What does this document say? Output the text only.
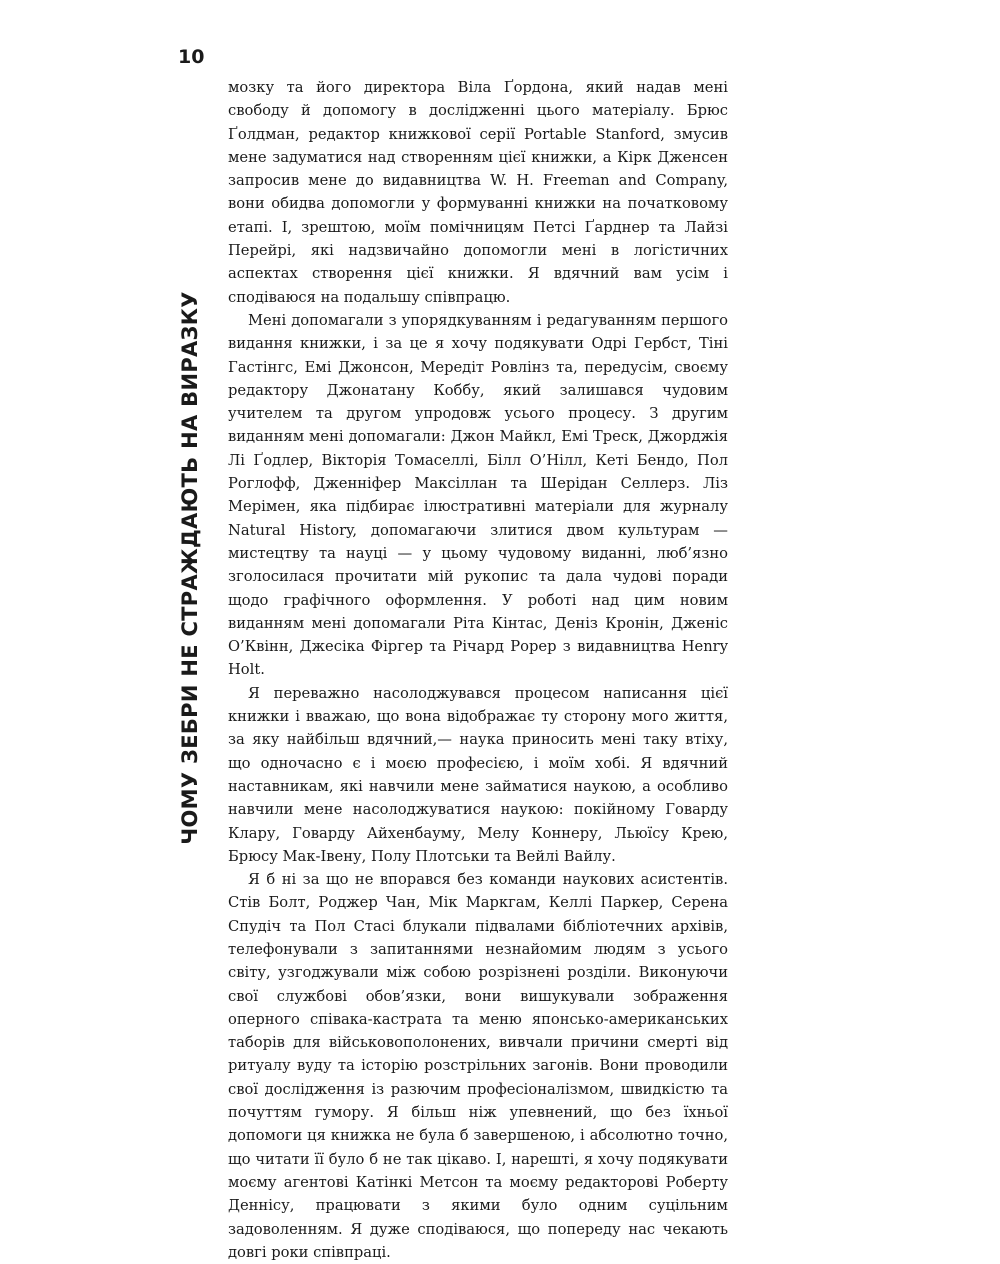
10
ЧОМУ ЗЕБРИ НЕ СТРАЖДАЮТЬ НА ВИРАЗКУ

мозку та його директора Віла Ґордона, який надав мені свободу й допомогу в дослідженні цього матеріалу. Брюс Ґолдман, редактор книжкової серії Portable Stanford, змусив мене задуматися над створенням цієї книжки, а Кірк Дженсен запросив мене до видавництва W. H. Freeman and Company, вони обидва допомогли у формуванні книжки на початковому етапі. І, зрештою, моїм помічницям Петсі Ґарднер та Лайзі Перейрі, які надзвичайно допомогли мені в логістичних аспектах створення цієї книжки. Я вдячний вам усім і сподіваюся на подальшу співпрацю.

Мені допомагали з упорядкуванням і редагуванням першого видання книжки, і за це я хочу подякувати Одрі Гербст, Тіні Гастінгс, Емі Джонсон, Мередіт Ровлінз та, передусім, своєму редактору Джонатану Коббу, який залишався чудовим учителем та другом упродовж усього процесу. З другим виданням мені допомагали: Джон Майкл, Емі Треск, Джорджія Лі Ґодлер, Вікторія Томаселлі, Білл О’Нілл, Кеті Бендо, Пол Роглофф, Дженніфер Максіллан та Шерідан Селлерз. Ліз Мерімен, яка підбирає ілюстративні матеріали для журналу Natural History, допомагаючи злитися двом культурам — мистецтву та науці — у цьому чудовому виданні, люб’язно зголосилася прочитати мій рукопис та дала чудові поради щодо графічного оформлення. У роботі над цим новим виданням мені допомагали Ріта Кінтас, Деніз Кронін, Дженіс О’Квінн, Джесіка Фіргер та Річард Рорер з видавництва Henry Holt.

Я переважно насолоджувався процесом написання цієї книжки і вважаю, що вона відображає ту сторону мого життя, за яку найбільш вдячний,— наука приносить мені таку втіху, що одночасно є і моєю професією, і моїм хобі. Я вдячний наставникам, які навчили мене займатися наукою, а особливо навчили мене насолоджуватися наукою: покійному Говарду Клару, Говарду Айхенбауму, Мелу Коннеру, Льюїсу Крею, Брюсу Мак-Івену, Полу Плотськи та Вейлі Вайлу.

Я б ні за що не впорався без команди наукових асистентів. Стів Болт, Роджер Чан, Мік Маркгам, Келлі Паркер, Серена Спудіч та Пол Стасі блукали підвалами бібліотечних архівів, телефонували з запитаннями незнайомим людям з усього світу, узгоджували між собою розрізнені розділи. Виконуючи свої службові обов’язки, вони вишукували зображення оперного співака-кастрата та меню японсько-американських таборів для військовополонених, вивчали причини смерті від ритуалу вуду та історію розстрільних загонів. Вони проводили свої дослідження із разючим професіоналізмом, швидкістю та почуттям гумору. Я більш ніж упевнений, що без їхньої допомоги ця книжка не була б завершеною, і абсолютно точно, що читати її було б не так цікаво. І, нарешті, я хочу подякувати моєму агентові Катінкі Метсон та моєму редакторові Роберту Деннісу, працювати з якими було одним суцільним задоволенням. Я дуже сподіваюся, що попереду нас чекають довгі роки співпраці.
